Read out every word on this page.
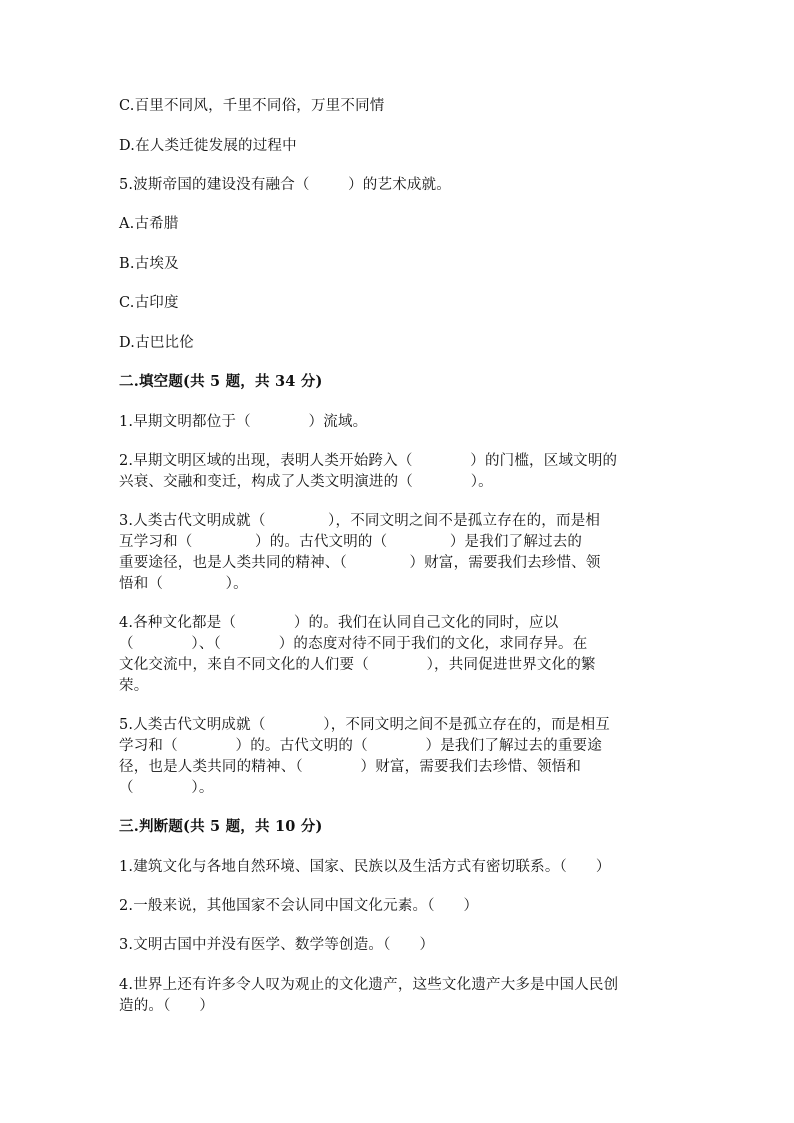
C.百里不同风，千里不同俗，万里不同情
D.在人类迁徙发展的过程中
5.波斯帝国的建设没有融合（        ）的艺术成就。
A.古希腊
B.古埃及
C.古印度
D.古巴比伦
二.填空题(共 5 题，共 34 分)
1.早期文明都位于（            ）流域。
2.早期文明区域的出现，表明人类开始跨入（            ）的门槛，区域文明的
兴衰、交融和变迁，构成了人类文明演进的（            ）。
3.人类古代文明成就（             ），不同文明之间不是孤立存在的，而是相
互学习和（             ）的。古代文明的（             ）是我们了解过去的
重要途径，也是人类共同的精神、（             ）财富，需要我们去珍惜、领
悟和（             ）。
4.各种文化都是（            ）的。我们在认同自己文化的同时，应以
（            ）、（            ）的态度对待不同于我们的文化，求同存异。在
文化交流中，来自不同文化的人们要（            ），共同促进世界文化的繁
荣。
5.人类古代文明成就（            ），不同文明之间不是孤立存在的，而是相互
学习和（            ）的。古代文明的（            ）是我们了解过去的重要途
径，也是人类共同的精神、（            ）财富，需要我们去珍惜、领悟和
（            ）。
三.判断题(共 5 题，共 10 分)
1.建筑文化与各地自然环境、国家、民族以及生活方式有密切联系。（      ）
2.一般来说，其他国家不会认同中国文化元素。（      ）
3.文明古国中并没有医学、数学等创造。（      ）
4.世界上还有许多令人叹为观止的文化遗产，这些文化遗产大多是中国人民创
造的。（      ）
